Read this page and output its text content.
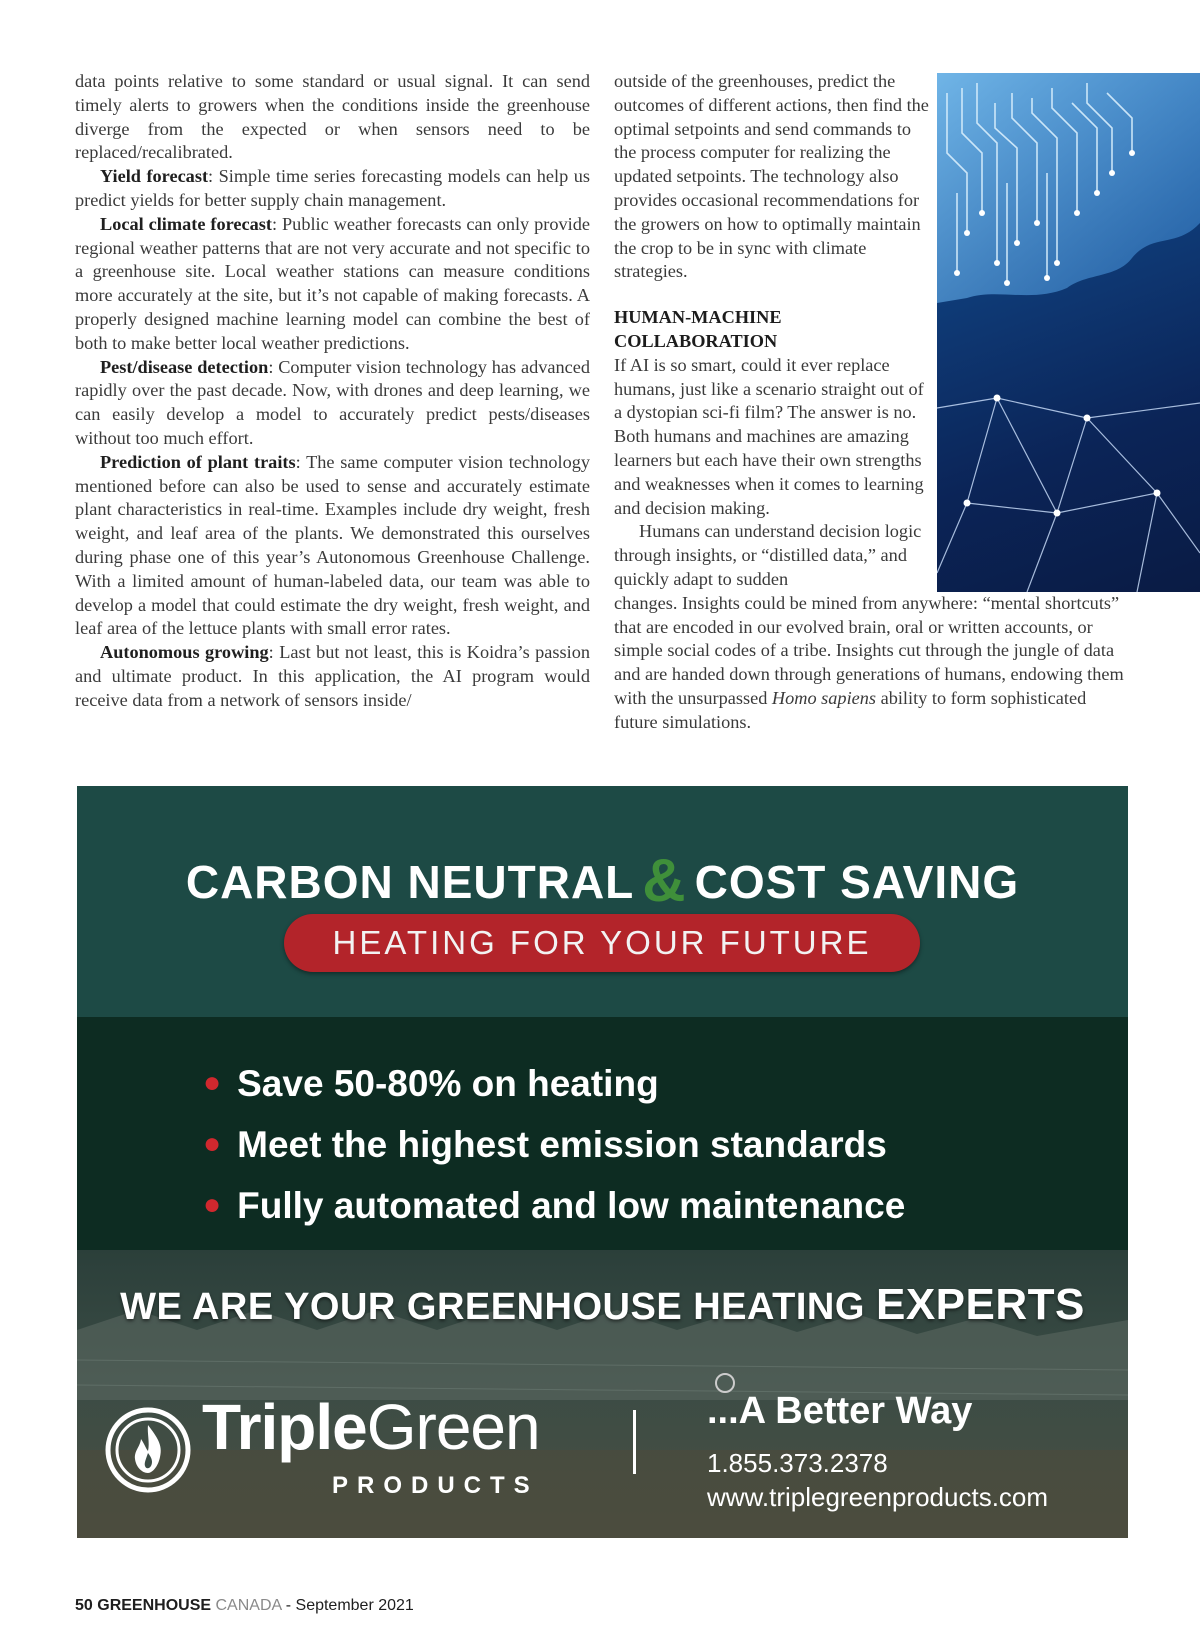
data points relative to some standard or usual signal. It can send timely alerts to growers when the conditions inside the greenhouse diverge from the expected or when sensors need to be replaced/recalibrated.

Yield forecast: Simple time series forecasting models can help us predict yields for better supply chain management.

Local climate forecast: Public weather forecasts can only provide regional weather patterns that are not very accurate and not specific to a greenhouse site. Local weather stations can measure conditions more accurately at the site, but it’s not capable of making forecasts. A properly designed machine learning model can combine the best of both to make better local weather predictions.

Pest/disease detection: Computer vision technology has advanced rapidly over the past decade. Now, with drones and deep learning, we can easily develop a model to accurately predict pests/diseases without too much effort.

Prediction of plant traits: The same computer vision technology mentioned before can also be used to sense and accurately estimate plant characteristics in real-time. Examples include dry weight, fresh weight, and leaf area of the plants. We demonstrated this ourselves during phase one of this year’s Autonomous Greenhouse Challenge. With a limited amount of human-labeled data, our team was able to develop a model that could estimate the dry weight, fresh weight, and leaf area of the lettuce plants with small error rates.

Autonomous growing: Last but not least, this is Koidra’s passion and ultimate product. In this application, the AI program would receive data from a network of sensors inside/

outside of the greenhouses, predict the outcomes of different actions, then find the optimal setpoints and send commands to the process computer for realizing the updated setpoints. The technology also provides occasional recommendations for the growers on how to optimally maintain the crop to be in sync with climate strategies.

HUMAN-MACHINE
COLLABORATION

If AI is so smart, could it ever replace humans, just like a scenario straight out of a dystopian sci-fi film? The answer is no. Both humans and machines are amazing learners but each have their own strengths and weaknesses when it comes to learning and decision making.

Humans can understand decision logic through insights, or “distilled data,” and quickly adapt to sudden

changes. Insights could be mined from anywhere: “mental shortcuts” that are encoded in our evolved brain, oral or written accounts, or simple social codes of a tribe. Insights cut through the jungle of data and are handed down through generations of humans, endowing them with the unsurpassed Homo sapiens ability to form sophisticated future simulations.

CARBON NEUTRAL & COST SAVING
HEATING FOR YOUR FUTURE
● Save 50-80% on heating
● Meet the highest emission standards
● Fully automated and low maintenance
WE ARE YOUR GREENHOUSE HEATING EXPERTS
TripleGreen
PRODUCTS
...A Better Way
1.855.373.2378
www.triplegreenproducts.com
50 GREENHOUSE CANADA - September 2021
